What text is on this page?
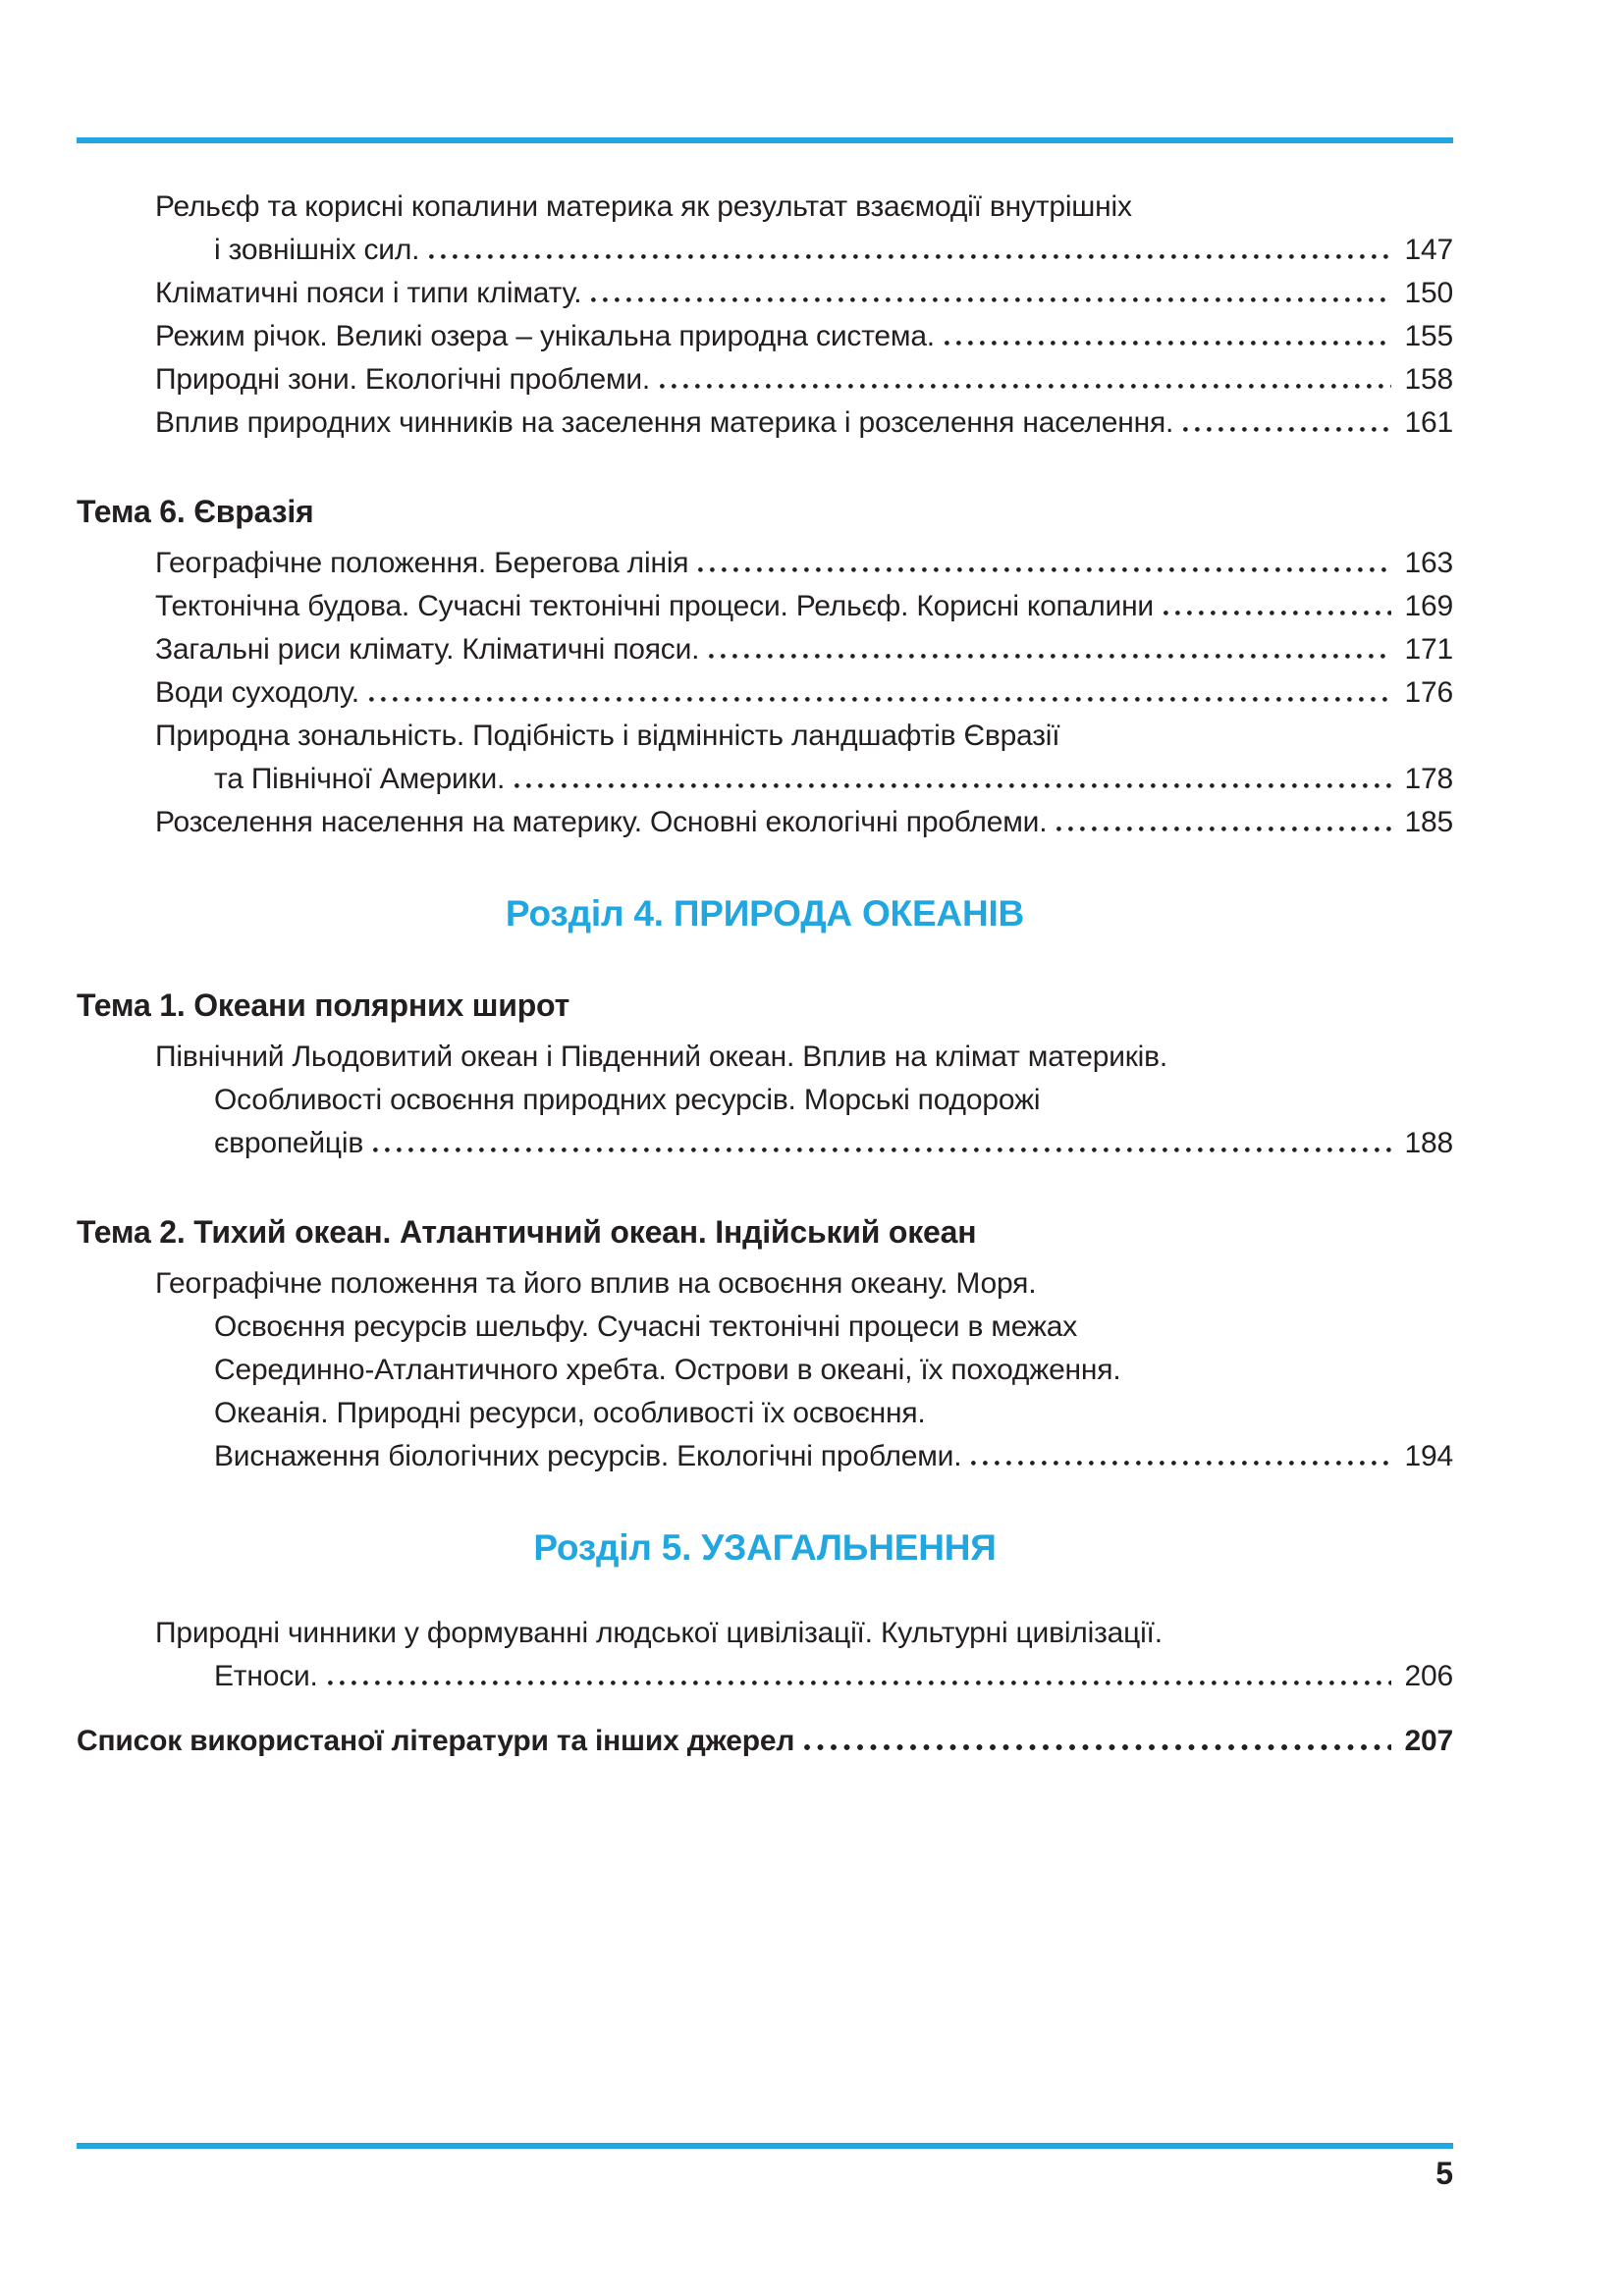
Рельєф та корисні копалини материка як результат взаємодії внутрішніх
і зовнішніх сил.	147
Кліматичні пояси і типи клімату.	150
Режим річок. Великі озера – унікальна природна система.	155
Природні зони. Екологічні проблеми.	158
Вплив природних чинників на заселення материка і розселення населення.	161
Тема 6. Євразія
Географічне положення. Берегова лінія	163
Тектонічна будова. Сучасні тектонічні процеси. Рельєф. Корисні копалини	169
Загальні риси клімату. Кліматичні пояси.	171
Води суходолу.	176
Природна зональність. Подібність і відмінність ландшафтів Євразії
та Північної Америки.	178
Розселення населення на материку. Основні екологічні проблеми.	185
Розділ 4. ПРИРОДА ОКЕАНІВ
Тема 1. Океани полярних широт
Північний Льодовитий океан і Південний океан. Вплив на клімат материків.
Особливості освоєння природних ресурсів. Морські подорожі
європейців	188
Тема 2. Тихий океан. Атлантичний океан. Індійський океан
Географічне положення та його вплив на освоєння океану. Моря.
Освоєння ресурсів шельфу. Сучасні тектонічні процеси в межах
Серединно-Атлантичного хребта. Острови в океані, їх походження.
Океанія. Природні ресурси, особливості їх освоєння.
Виснаження біологічних ресурсів. Екологічні проблеми.	194
Розділ 5. УЗАГАЛЬНЕННЯ
Природні чинники у формуванні людської цивілізації. Культурні цивілізації.
Етноси.	206
Список використаної літератури та інших джерел	207
5
